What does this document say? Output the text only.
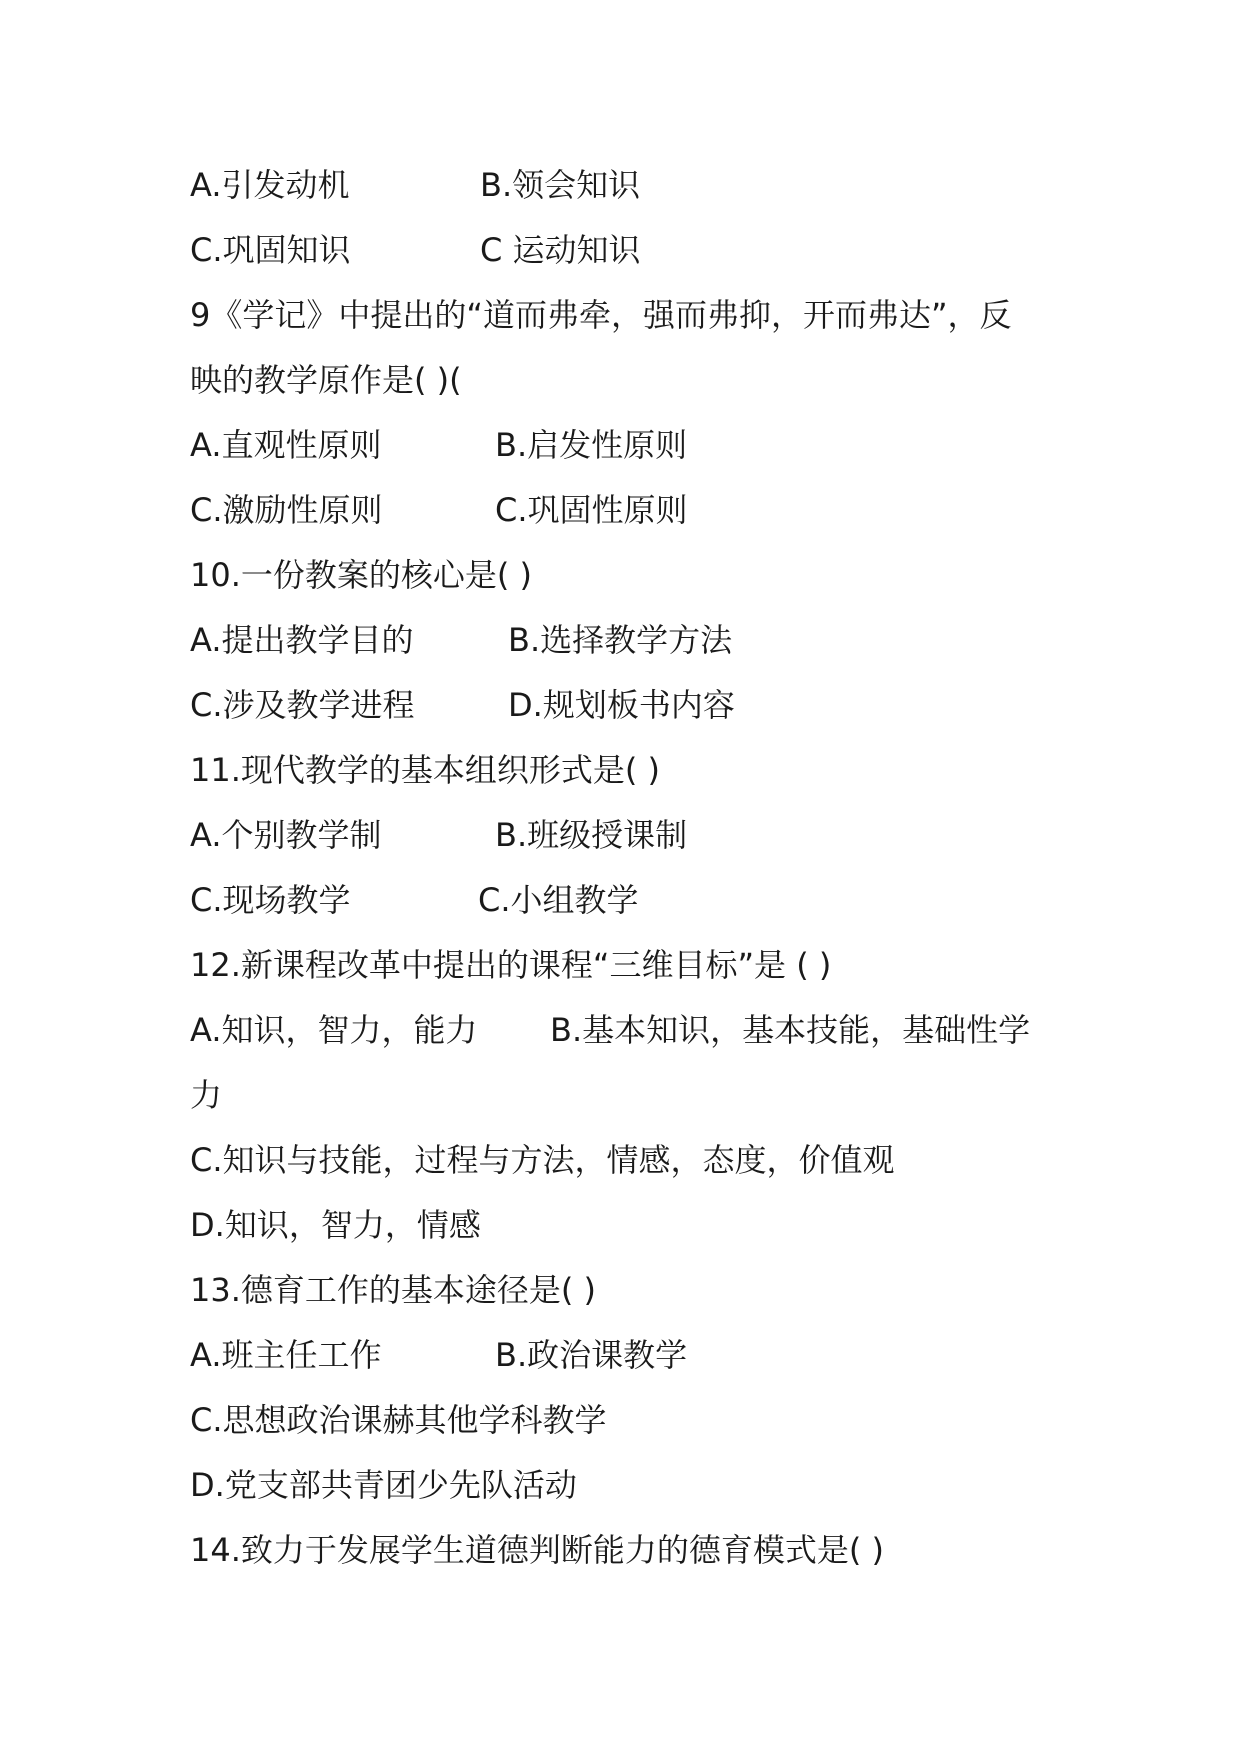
A.引发动机	B.领会知识
C.巩固知识	C 运动知识
9《学记》中提出的“道而弗牵，强而弗抑，开而弗达”，反
映的教学原作是( )(
A.直观性原则	B.启发性原则
C.激励性原则	C.巩固性原则
10.一份教案的核心是( )
A.提出教学目的	B.选择教学方法
C.涉及教学进程	D.规划板书内容
11.现代教学的基本组织形式是( )
A.个别教学制	B.班级授课制
C.现场教学	C.小组教学
12.新课程改革中提出的课程“三维目标”是 ( )
A.知识，智力，能力 B.基本知识，基本技能，基础性学
力
C.知识与技能，过程与方法，情感，态度，价值观
D.知识，智力，情感
13.德育工作的基本途径是( )
A.班主任工作	B.政治课教学
C.思想政治课赫其他学科教学
D.党支部共青团少先队活动
14.致力于发展学生道德判断能力的德育模式是( )
